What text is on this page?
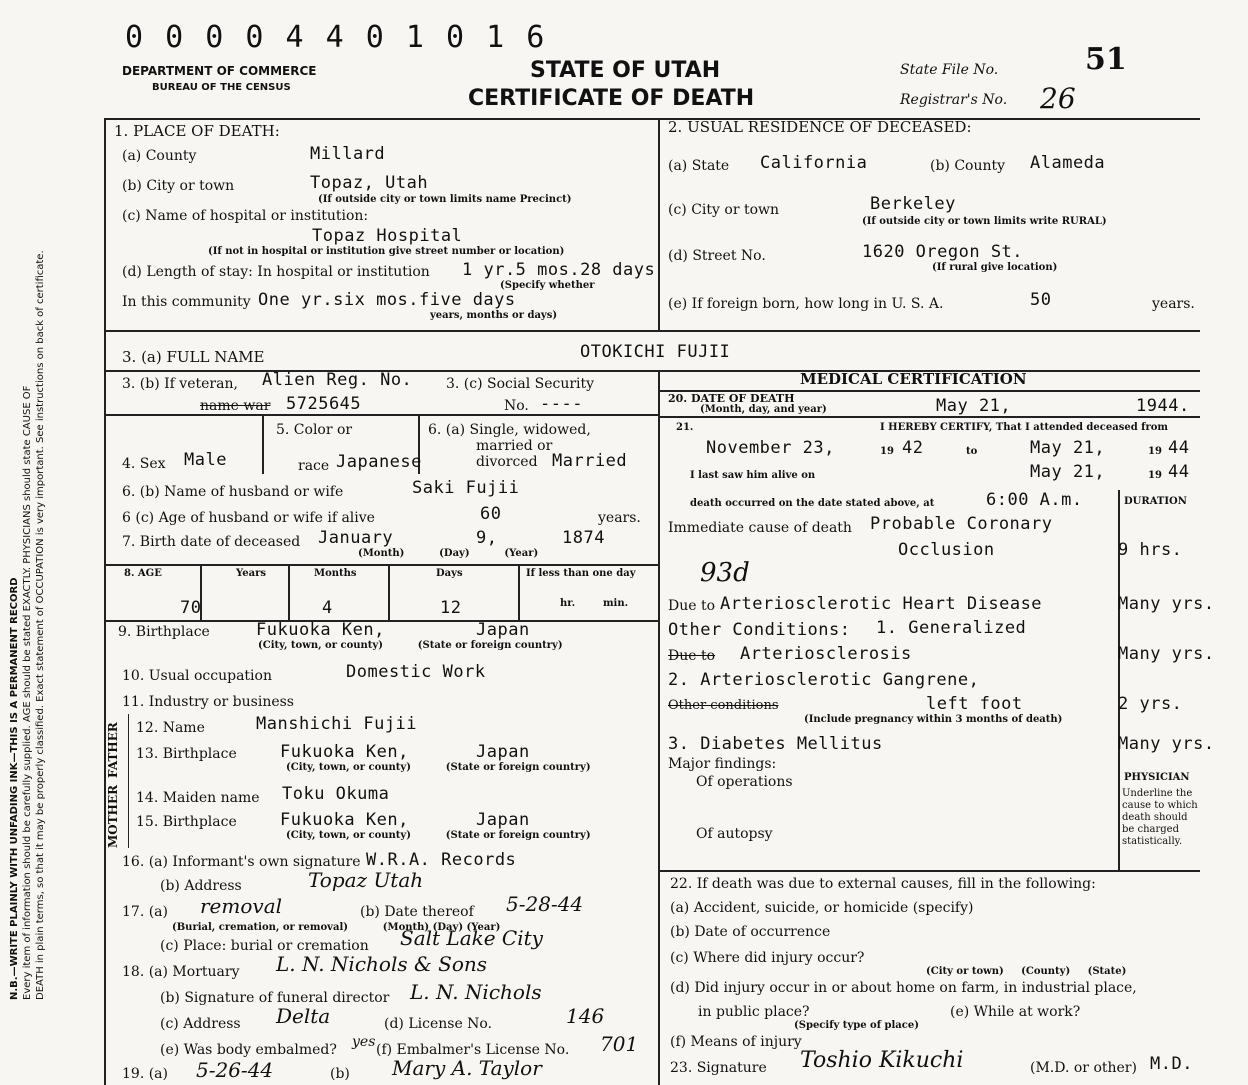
0 0 0 0 4 4 0 1 0 1 6
DEPARTMENT OF COMMERCE
BUREAU OF THE CENSUS
STATE OF UTAH
CERTIFICATE OF DEATH
State File No.	51
Registrar's No. 26
N.B.—WRITE PLAINLY WITH UNFADING INK—THIS IS A PERMANENT RECORD Every item of information should be carefully supplied. AGE should be stated EXACTLY. PHYSICIANS should state CAUSE OF DEATH in plain terms, so that it may be properly classified. Exact statement of OCCUPATION is very important. See instructions on back of certificate.
1. PLACE OF DEATH:
(a) County	Millard
(b) City or town	Topaz, Utah
(If outside city or town limits name Precinct)
(c) Name of hospital or institution:
Topaz Hospital
(If not in hospital or institution give street number or location)
(d) Length of stay: In hospital or institution 1 yr.5 mos.28 days
(Specify whether
In this community One yr.six mos.five days
years, months or days)
2. USUAL RESIDENCE OF DECEASED:
(a) State California	(b) County Alameda
(c) City or town	Berkeley
(If outside city or town limits write RURAL)
(d) Street No.	1620 Oregon St.
(If rural give location)
(e) If foreign born, how long in U. S. A.	50	years.
3. (a) FULL NAME	OTOKICHI FUJII
3. (b) If veteran, Alien Reg. No.
name war 5725645
3. (c) Social Security
No. ----
4. Sex Male
5. Color or
race Japanese
6. (a) Single, widowed,
married or
divorced Married
6. (b) Name of husband or wife	Saki Fujii
6 (c) Age of husband or wife if alive	60	years.
7. Birth date of deceased January	9,	1874
(Month)          (Day)          (Year)
8. AGE	Years	Months	Days	If less than one day
70	4	12	hr.        min.
9. Birthplace	Fukuoka Ken,	Japan
(City, town, or county)          (State or foreign country)
10. Usual occupation	Domestic Work
11. Industry or business
FATHER
MOTHER
12. Name	Manshichi Fujii
13. Birthplace	Fukuoka Ken,	Japan
(City, town, or county)          (State or foreign country)
14. Maiden name Toku Okuma
15. Birthplace	Fukuoka Ken,	Japan
(City, town, or county)          (State or foreign country)
16. (a) Informant's own signature W.R.A. Records
(b) Address	Topaz Utah
17. (a) removal	(b) Date thereof 5-28-44
(Burial, cremation, or removal)          (Month) (Day) (Year)
(c) Place: burial or cremation Salt Lake City
18. (a) Mortuary L. N. Nichols & Sons
(b) Signature of funeral director L. N. Nichols
(c) Address Delta	(d) License No.	146
(e) Was body embalmed? yes (f) Embalmer's License No. 701
19. (a) 5-26-44	(b) Mary A. Taylor
MEDICAL CERTIFICATION
20. DATE OF DEATH
(Month, day, and year)	May 21,	1944.
21.	I HEREBY CERTIFY, That I attended deceased from
November 23,	19 42	to	May 21,	19 44
I last saw him alive on	May 21,	19 44
death occurred on the date stated above, at	6:00 A.m.	DURATION
Immediate cause of death Probable Coronary
Occlusion	9 hrs.
93d
Due to Arteriosclerotic Heart Disease	Many yrs.
Other Conditions: 1. Generalized
Due to Arteriosclerosis	Many yrs.
2. Arteriosclerotic Gangrene,
Other conditions	left foot	2 yrs.
(Include pregnancy within 3 months of death)
3. Diabetes Mellitus	Many yrs.
Major findings:
Of operations
Of autopsy
PHYSICIAN
Underline the cause to which death should be charged statistically.
22. If death was due to external causes, fill in the following:
(a) Accident, suicide, or homicide (specify)
(b) Date of occurrence
(c) Where did injury occur?
(City or town)     (County)     (State)
(d) Did injury occur in or about home on farm, in industrial place,
in public place?
(Specify type of place)
(e) While at work?
(f) Means of injury
23. Signature Toshio Kikuchi	(M.D. or other) M.D.
